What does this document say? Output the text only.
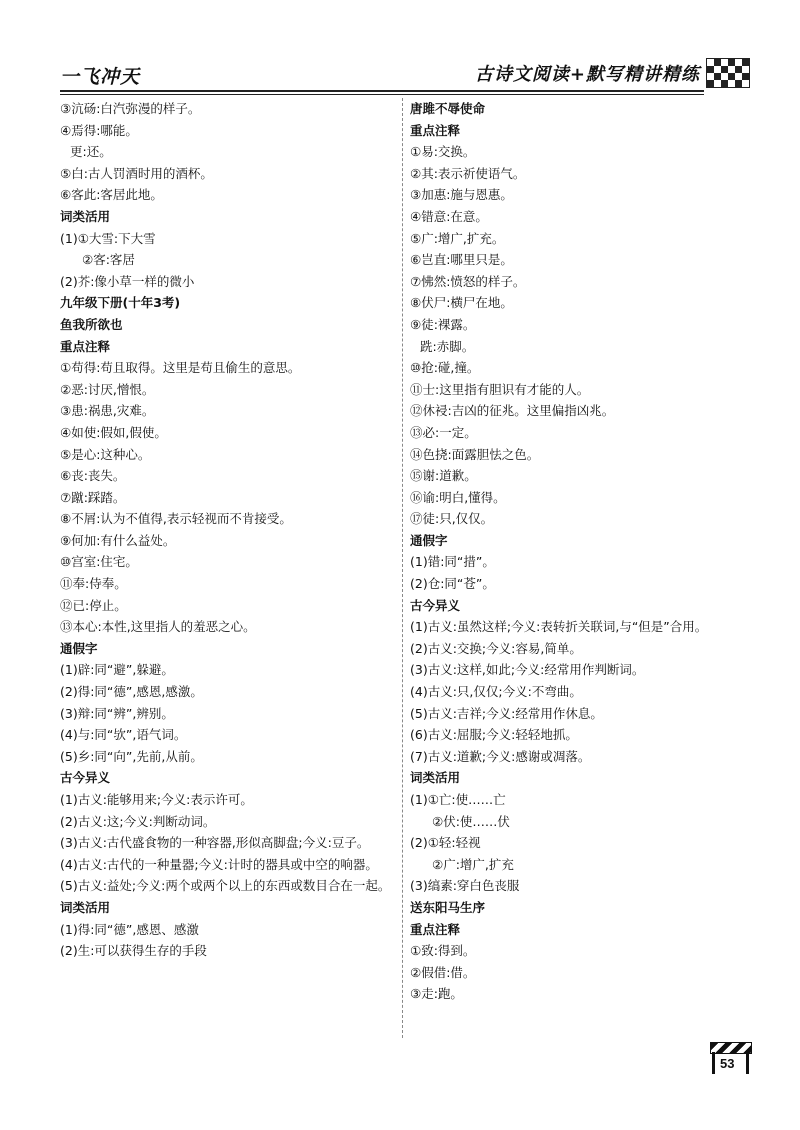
一飞冲天	古诗文阅读+默写精讲精练
③沆砀:白汽弥漫的样子。
④焉得:哪能。
更:还。
⑤白:古人罚酒时用的酒杯。
⑥客此:客居此地。
词类活用
(1)①大雪:下大雪
②客:客居
(2)芥:像小草一样的微小
九年级下册(十年3考)
鱼我所欲也
重点注释
①苟得:苟且取得。这里是苟且偷生的意思。
②恶:讨厌,憎恨。
③患:祸患,灾难。
④如使:假如,假使。
⑤是心:这种心。
⑥丧:丧失。
⑦蹴:踩踏。
⑧不屑:认为不值得,表示轻视而不肯接受。
⑨何加:有什么益处。
⑩宫室:住宅。
⑪奉:侍奉。
⑫已:停止。
⑬本心:本性,这里指人的羞恶之心。
通假字
(1)辟:同“避”,躲避。
(2)得:同“德”,感恩,感激。
(3)辩:同“辨”,辨别。
(4)与:同“欤”,语气词。
(5)乡:同“向”,先前,从前。
古今异义
(1)古义:能够用来;今义:表示许可。
(2)古义:这;今义:判断动词。
(3)古义:古代盛食物的一种容器,形似高脚盘;今义:豆子。
(4)古义:古代的一种量器;今义:计时的器具或中空的响器。
(5)古义:益处;今义:两个或两个以上的东西或数目合在一起。
词类活用
(1)得:同“德”,感恩、感激
(2)生:可以获得生存的手段
唐雎不辱使命
重点注释
①易:交换。
②其:表示祈使语气。
③加惠:施与恩惠。
④错意:在意。
⑤广:增广,扩充。
⑥岂直:哪里只是。
⑦怫然:愤怒的样子。
⑧伏尸:横尸在地。
⑨徒:裸露。
跣:赤脚。
⑩抢:碰,撞。
⑪士:这里指有胆识有才能的人。
⑫休祲:吉凶的征兆。这里偏指凶兆。
⑬必:一定。
⑭色挠:面露胆怯之色。
⑮谢:道歉。
⑯谕:明白,懂得。
⑰徒:只,仅仅。
通假字
(1)错:同“措”。
(2)仓:同“苍”。
古今异义
(1)古义:虽然这样;今义:表转折关联词,与“但是”合用。
(2)古义:交换;今义:容易,简单。
(3)古义:这样,如此;今义:经常用作判断词。
(4)古义:只,仅仅;今义:不弯曲。
(5)古义:吉祥;今义:经常用作休息。
(6)古义:屈服;今义:轻轻地抓。
(7)古义:道歉;今义:感谢或凋落。
词类活用
(1)①亡:使……亡
②伏:使……伏
(2)①轻:轻视
②广:增广,扩充
(3)缟素:穿白色丧服
送东阳马生序
重点注释
①致:得到。
②假借:借。
③走:跑。
53
